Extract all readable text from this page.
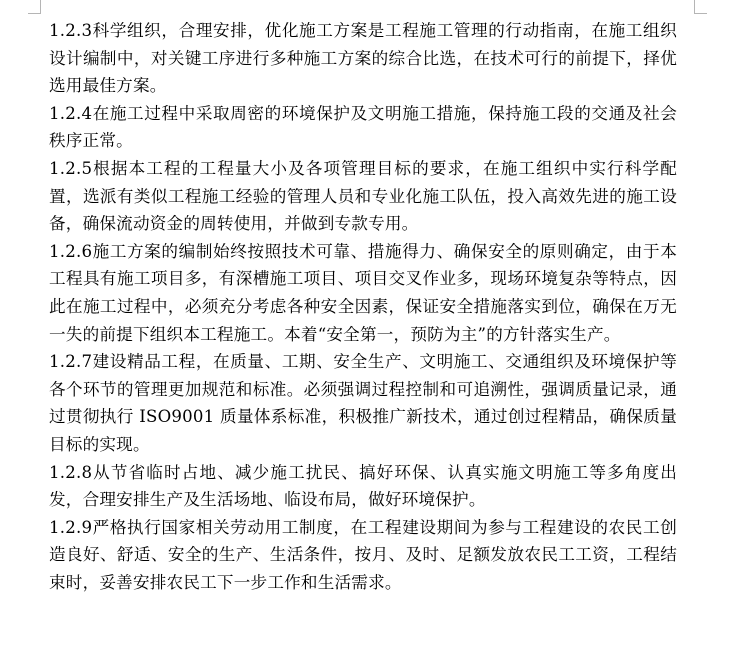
1.2.3科学组织，合理安排，优化施工方案是工程施工管理的行动指南，在施工组织设计编制中，对关键工序进行多种施工方案的综合比选，在技术可行的前提下，择优选用最佳方案。

1.2.4在施工过程中采取周密的环境保护及文明施工措施，保持施工段的交通及社会秩序正常。

1.2.5根据本工程的工程量大小及各项管理目标的要求，在施工组织中实行科学配置，选派有类似工程施工经验的管理人员和专业化施工队伍，投入高效先进的施工设备，确保流动资金的周转使用，并做到专款专用。

1.2.6施工方案的编制始终按照技术可靠、措施得力、确保安全的原则确定，由于本工程具有施工项目多，有深槽施工项目、项目交叉作业多，现场环境复杂等特点，因此在施工过程中，必须充分考虑各种安全因素，保证安全措施落实到位，确保在万无一失的前提下组织本工程施工。本着“安全第一，预防为主”的方针落实生产。

1.2.7建设精品工程，在质量、工期、安全生产、文明施工、交通组织及环境保护等各个环节的管理更加规范和标准。必须强调过程控制和可追溯性，强调质量记录，通过贯彻执行 ISO9001 质量体系标准，积极推广新技术，通过创过程精品，确保质量目标的实现。

1.2.8从节省临时占地、减少施工扰民、搞好环保、认真实施文明施工等多角度出发，合理安排生产及生活场地、临设布局，做好环境保护。

1.2.9严格执行国家相关劳动用工制度，在工程建设期间为参与工程建设的农民工创造良好、舒适、安全的生产、生活条件，按月、及时、足额发放农民工工资，工程结束时，妥善安排农民工下一步工作和生活需求。
